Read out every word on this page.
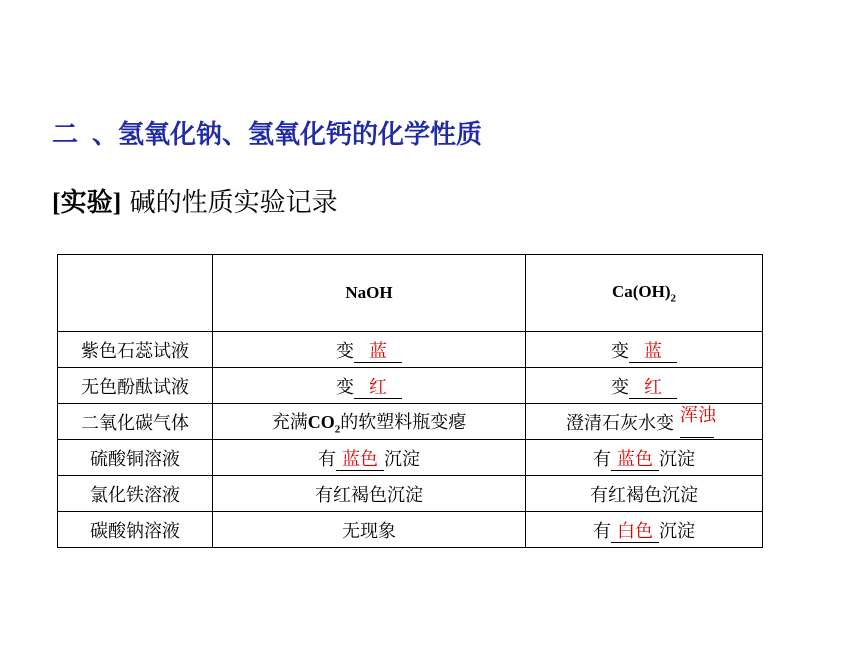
二 、氢氧化钠、氢氧化钙的化学性质
[实验] 碱的性质实验记录
	NaOH	$Ca(OH)_2$
紫色石蕊试液	变 蓝	变 蓝
无色酚酞试液	变 红	变 红
二氧化碳气体	充满$CO_2$的软塑料瓶变瘪	澄清石灰水变 浑浊

硫酸铜溶液	有 蓝色 沉淀	有 蓝色 沉淀
氯化铁溶液	有红褐色沉淀	有红褐色沉淀
碳酸钠溶液	无现象	有 白色 沉淀
